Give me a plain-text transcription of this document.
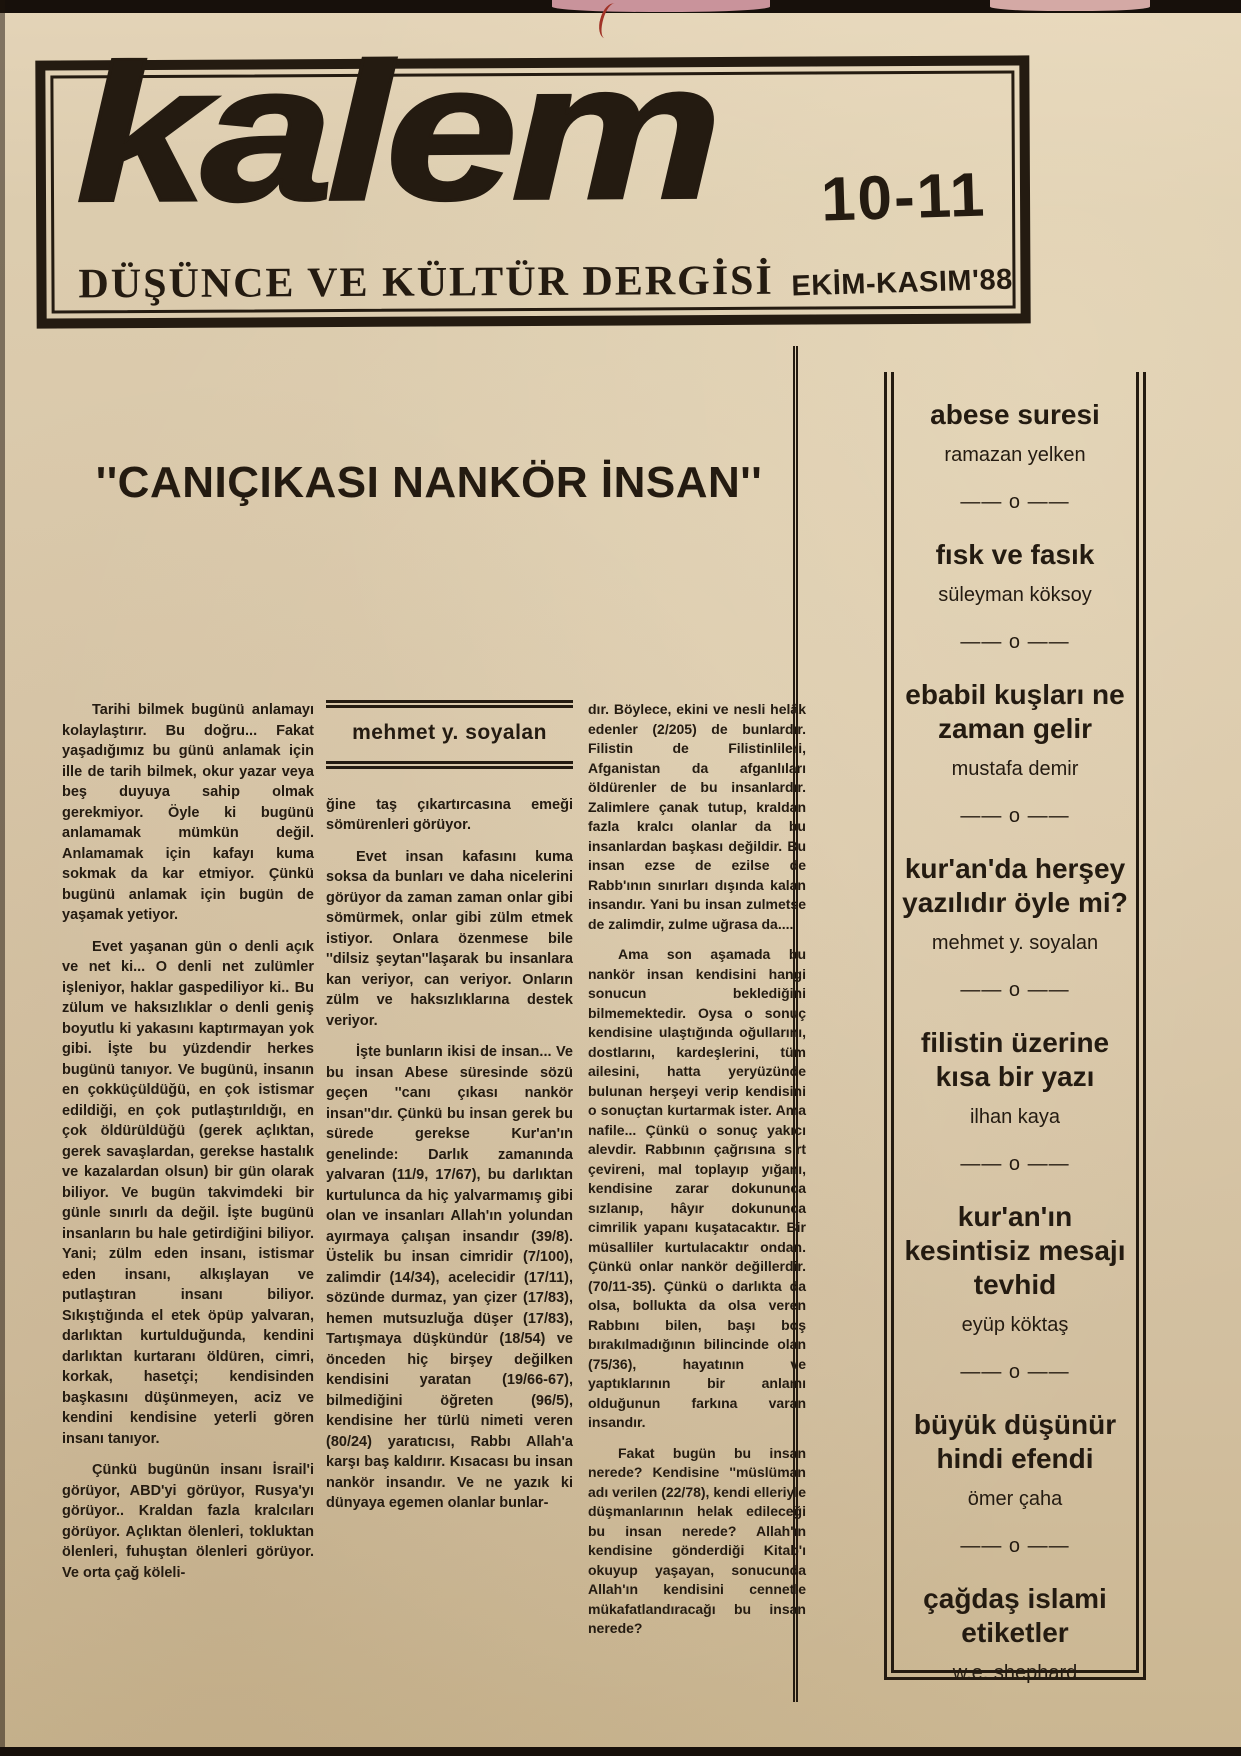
kalem
DÜŞÜNCE VE KÜLTÜR DERGİSİ
10-11
EKİM-KASIM'88
''CANIÇIKASI NANKÖR İNSAN''

Tarihi bilmek bugünü anlamayı kolaylaştırır. Bu doğru... Fakat yaşadığımız bu günü anlamak için ille de tarih bilmek, okur yazar veya beş duyuya sahip olmak gerekmiyor. Öyle ki bugünü anlamamak mümkün değil. Anlamamak için kafayı kuma sokmak da kar etmiyor. Çünkü bugünü anlamak için bugün de yaşamak yetiyor.

Evet yaşanan gün o denli açık ve net ki... O denli net zulümler işleniyor, haklar gaspediliyor ki.. Bu zülum ve haksızlıklar o denli geniş boyutlu ki yakasını kaptırmayan yok gibi. İşte bu yüzdendir herkes bugünü tanıyor. Ve bugünü, insanın en çokküçüldüğü, en çok istismar edildiği, en çok putlaştırıldığı, en çok öldürüldüğü (gerek açlıktan, gerek savaşlardan, gerekse hastalık ve kazalardan olsun) bir gün olarak biliyor. Ve bugün takvimdeki bir günle sınırlı da değil. İşte bugünü insanların bu hale getirdiğini biliyor. Yani; zülm eden insanı, istismar eden insanı, alkışlayan ve putlaştıran insanı biliyor. Sıkıştığında el etek öpüp yalvaran, darlıktan kurtulduğunda, kendini darlıktan kurtaranı öldüren, cimri, korkak, hasetçi; kendisinden başkasını düşünmeyen, aciz ve kendini kendisine yeterli gören insanı tanıyor.

Çünkü bugünün insanı İsrail'i görüyor, ABD'yi görüyor, Rusya'yı görüyor.. Kraldan fazla kralcıları görüyor. Açlıktan ölenleri, tokluktan ölenleri, fuhuştan ölenleri görüyor. Ve orta çağ köleli-

mehmet y. soyalan

ğine taş çıkartırcasına emeği sömürenleri görüyor.

Evet insan kafasını kuma soksa da bunları ve daha nicelerini görüyor da zaman zaman onlar gibi sömürmek, onlar gibi zülm etmek istiyor. Onlara özenmese bile ''dilsiz şeytan''laşarak bu insanlara kan veriyor, can veriyor. Onların zülm ve haksızlıklarına destek veriyor.

İşte bunların ikisi de insan... Ve bu insan Abese süresinde sözü geçen ''canı çıkası nankör insan''dır. Çünkü bu insan gerek bu sürede gerekse Kur'an'ın genelinde: Darlık zamanında yalvaran (11/9, 17/67), bu darlıktan kurtulunca da hiç yalvarmamış gibi olan ve insanları Allah'ın yolundan ayırmaya çalışan insandır (39/8). Üstelik bu insan cimridir (7/100), zalimdir (14/34), acelecidir (17/11), sözünde durmaz, yan çizer (17/83), hemen mutsuzluğa düşer (17/83), Tartışmaya düşkündür (18/54) ve önceden hiç birşey değilken kendisini yaratan (19/66-67), bilmediğini öğreten (96/5), kendisine her türlü nimeti veren (80/24) yaratıcısı, Rabbı Allah'a karşı baş kaldırır. Kısacası bu insan nankör insandır. Ve ne yazık ki dünyaya egemen olanlar bunlar-

dır. Böylece, ekini ve nesli helâk edenler (2/205) de bunlardır. Filistin de Filistinlileri, Afganistan da afganlıları öldürenler de bu insanlardır. Zalimlere çanak tutup, kraldan fazla kralcı olanlar da bu insanlardan başkası değildir. Bu insan ezse de ezilse de Rabb'ının sınırları dışında kalan insandır. Yani bu insan zulmetse de zalimdir, zulme uğrasa da....

Ama son aşamada bu nankör insan kendisini hangi sonucun beklediğini bilmemektedir. Oysa o sonuç kendisine ulaştığında oğullarını, dostlarını, kardeşlerini, tüm ailesini, hatta yeryüzünde bulunan herşeyi verip kendisini o sonuçtan kurtarmak ister. Ama nafile... Çünkü o sonuç yakıcı alevdir. Rabbının çağrısına sırt çevireni, mal toplayıp yığanı, kendisine zarar dokununca sızlanıp, hâyır dokununca cimrilik yapanı kuşatacaktır. Bir müsalliler kurtulacaktır ondan. Çünkü onlar nankör değillerdir. (70/11-35). Çünkü o darlıkta da olsa, bollukta da olsa veren Rabbını bilen, başı boş bırakılmadığının bilincinde olan (75/36), hayatının ve yaptıklarının bir anlamı olduğunun farkına varan insandır.

Fakat bugün bu insan nerede? Kendisine ''müslüman adı verilen (22/78), kendi elleriyle düşmanlarının helak edileceği bu insan nerede? Allah'ın kendisine gönderdiği Kitab'ı okuyup yaşayan, sonucunda Allah'ın kendisini cennetle mükafatlandıracağı bu insan nerede?

abese suresi
ramazan yelken
—— o ——
fısk ve fasık
süleyman köksoy
—— o ——
ebabil kuşları ne zaman gelir
mustafa demir
—— o ——
kur'an'da herşey yazılıdır öyle mi?
mehmet y. soyalan
—— o ——
filistin üzerine kısa bir yazı
ilhan kaya
—— o ——
kur'an'ın kesintisiz mesajı tevhid
eyüp köktaş
—— o ——
büyük düşünür hindi efendi
ömer çaha
—— o ——
çağdaş islami etiketler
w.e. shephard
